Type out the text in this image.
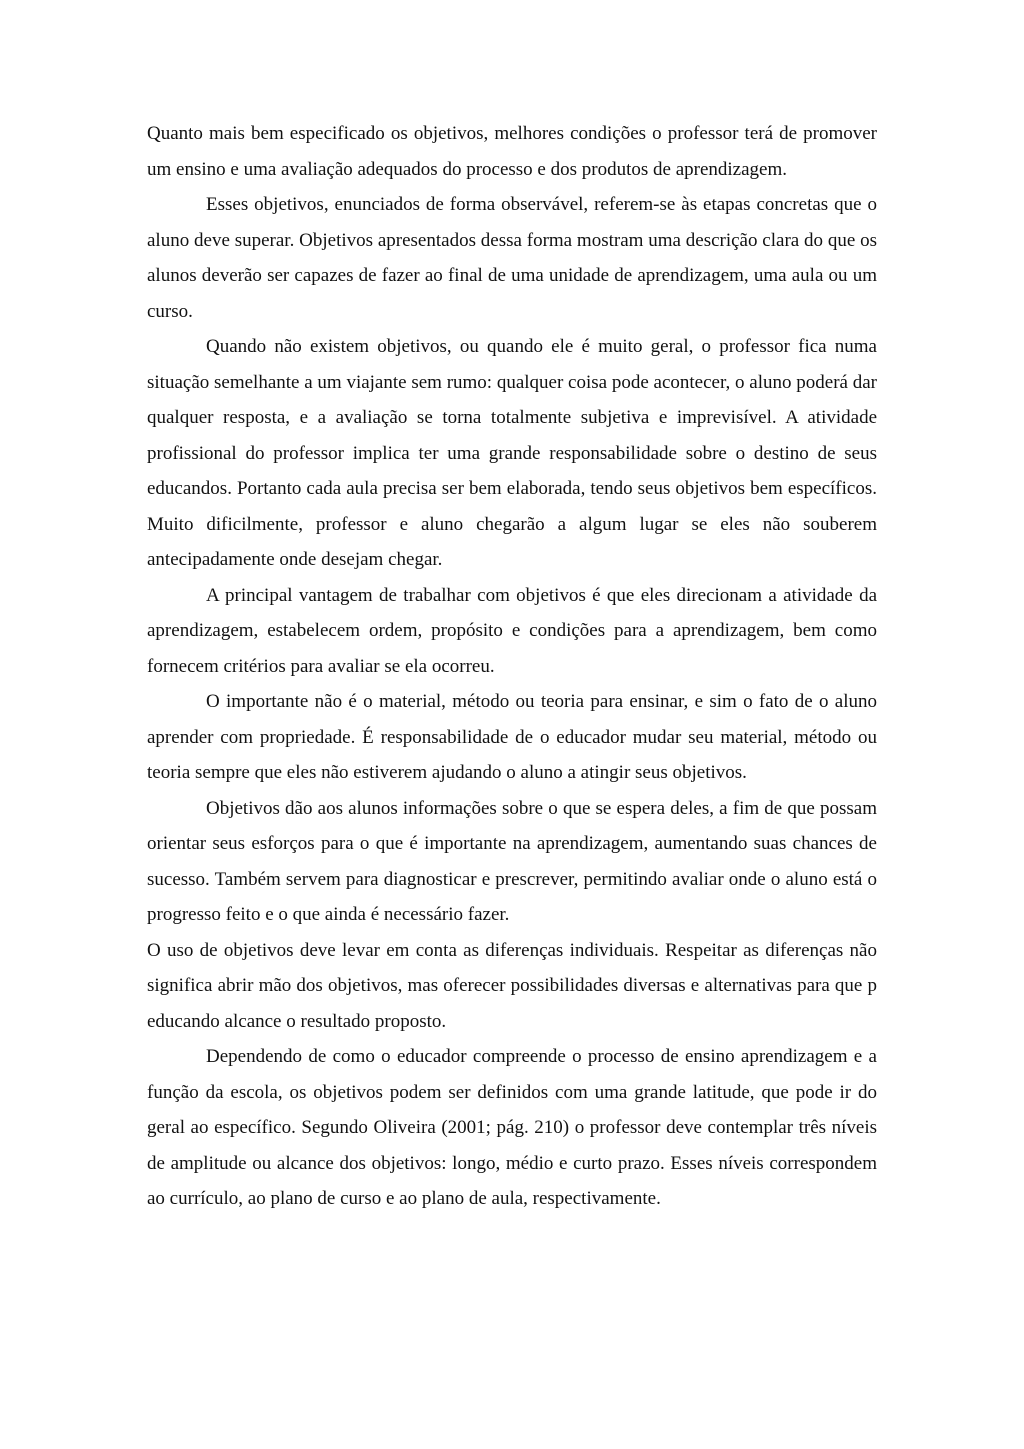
Quanto mais bem especificado os objetivos, melhores condições o professor terá de promover um ensino e uma avaliação adequados do processo e dos produtos de aprendizagem.

Esses objetivos, enunciados de forma observável, referem-se às etapas concretas que o aluno deve superar. Objetivos apresentados dessa forma mostram uma descrição clara do que os alunos deverão ser capazes de fazer ao final de uma unidade de aprendizagem, uma aula ou um curso.

Quando não existem objetivos, ou quando ele é muito geral, o professor fica numa situação semelhante a um viajante sem rumo: qualquer coisa pode acontecer, o aluno poderá dar qualquer resposta, e a avaliação se torna totalmente subjetiva e imprevisível. A atividade profissional do professor implica ter uma grande responsabilidade sobre o destino de seus educandos. Portanto cada aula precisa ser bem elaborada, tendo seus objetivos bem específicos. Muito dificilmente, professor e aluno chegarão a algum lugar se eles não souberem antecipadamente onde desejam chegar.

A principal vantagem de trabalhar com objetivos é que eles direcionam a atividade da aprendizagem, estabelecem ordem, propósito e condições para a aprendizagem, bem como fornecem critérios para avaliar se ela ocorreu.

O importante não é o material, método ou teoria para ensinar, e sim o fato de o aluno aprender com propriedade. É responsabilidade de o educador mudar seu material, método ou teoria sempre que eles não estiverem ajudando o aluno a atingir seus objetivos.

Objetivos dão aos alunos informações sobre o que se espera deles, a fim de que possam orientar seus esforços para o que é importante na aprendizagem, aumentando suas chances de sucesso. Também servem para diagnosticar e prescrever, permitindo avaliar onde o aluno está o progresso feito e o que ainda é necessário fazer.

O uso de objetivos deve levar em conta as diferenças individuais. Respeitar as diferenças não significa abrir mão dos objetivos, mas oferecer possibilidades diversas e alternativas para que p educando alcance o resultado proposto.

Dependendo de como o educador compreende o processo de ensino aprendizagem e a função da escola, os objetivos podem ser definidos com uma grande latitude, que pode ir do geral ao específico. Segundo Oliveira (2001; pág. 210) o professor deve contemplar três níveis de amplitude ou alcance dos objetivos: longo, médio e curto prazo. Esses níveis correspondem ao currículo, ao plano de curso e ao plano de aula, respectivamente.
